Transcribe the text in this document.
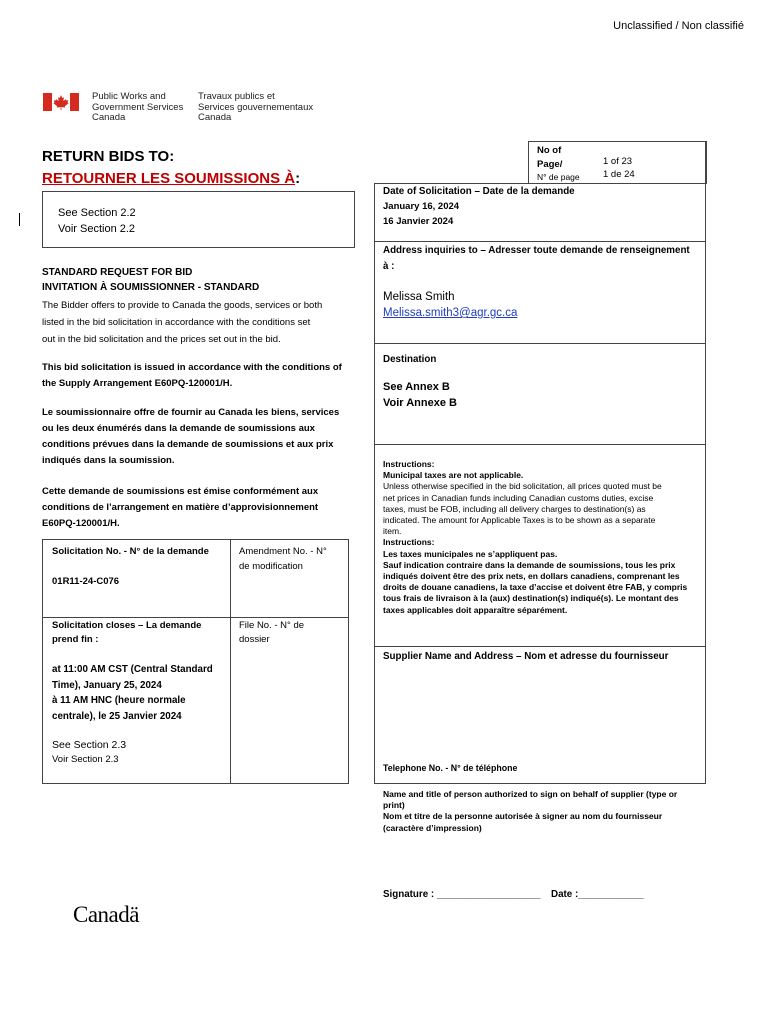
Unclassified / Non classifié
Public Works and
Government Services
Canada
Travaux publics et
Services gouvernementaux
Canada
RETURN BIDS TO:
RETOURNER LES SOUMISSIONS À:
See Section 2.2
Voir Section 2.2
No of
Page/
N° de page
1 of 23
1 de 24
Date of Solicitation – Date de la demande
January 16, 2024
16 Janvier 2024
Address inquiries to – Adresser toute demande de renseignement
à :
Melissa Smith
Melissa.smith3@agr.gc.ca
Destination
See Annex B
Voir Annexe B
Instructions:
Municipal taxes are not applicable.
Unless otherwise specified in the bid solicitation, all prices quoted must be
net prices in Canadian funds including Canadian customs duties, excise
taxes, must be FOB, including all delivery charges to destination(s) as
indicated. The amount for Applicable Taxes is to be shown as a separate
item.
Instructions:
Les taxes municipales ne s’appliquent pas.
Sauf indication contraire dans la demande de soumissions, tous les prix
indiqués doivent être des prix nets, en dollars canadiens, comprenant les
droits de douane canadiens, la taxe d’accise et doivent être FAB, y compris
tous frais de livraison à la (aux) destination(s) indiqué(s). Le montant des
taxes applicables doit apparaître séparément.
Supplier Name and Address – Nom et adresse du fournisseur
Telephone No. - N° de téléphone
Name and title of person authorized to sign on behalf of supplier (type or
print)
Nom et titre de la personne autorisée à signer au nom du fournisseur
(caractère d’impression)
Signature : ___________________ Date :____________
STANDARD REQUEST FOR BID
INVITATION À SOUMISSIONNER - STANDARD
The Bidder offers to provide to Canada the goods, services or both
listed in the bid solicitation in accordance with the conditions set
out in the bid solicitation and the prices set out in the bid.
This bid solicitation is issued in accordance with the conditions of
the Supply Arrangement E60PQ-120001/H.
Le soumissionnaire offre de fournir au Canada les biens, services
ou les deux énumérés dans la demande de soumissions aux
conditions prévues dans la demande de soumissions et aux prix
indiqués dans la soumission.
Cette demande de soumissions est émise conformément aux
conditions de l’arrangement en matière d’approvisionnement
E60PQ-120001/H.
Solicitation No. - N° de la demande
01R11-24-C076
Amendment No. - N°
de modification
Solicitation closes – La demande
prend fin :
File No. - N° de
dossier
at 11:00 AM CST (Central Standard
Time), January 25, 2024
à 11 AM HNC (heure normale
centrale), le 25 Janvier 2024
See Section 2.3
Voir Section 2.3
Canadä
